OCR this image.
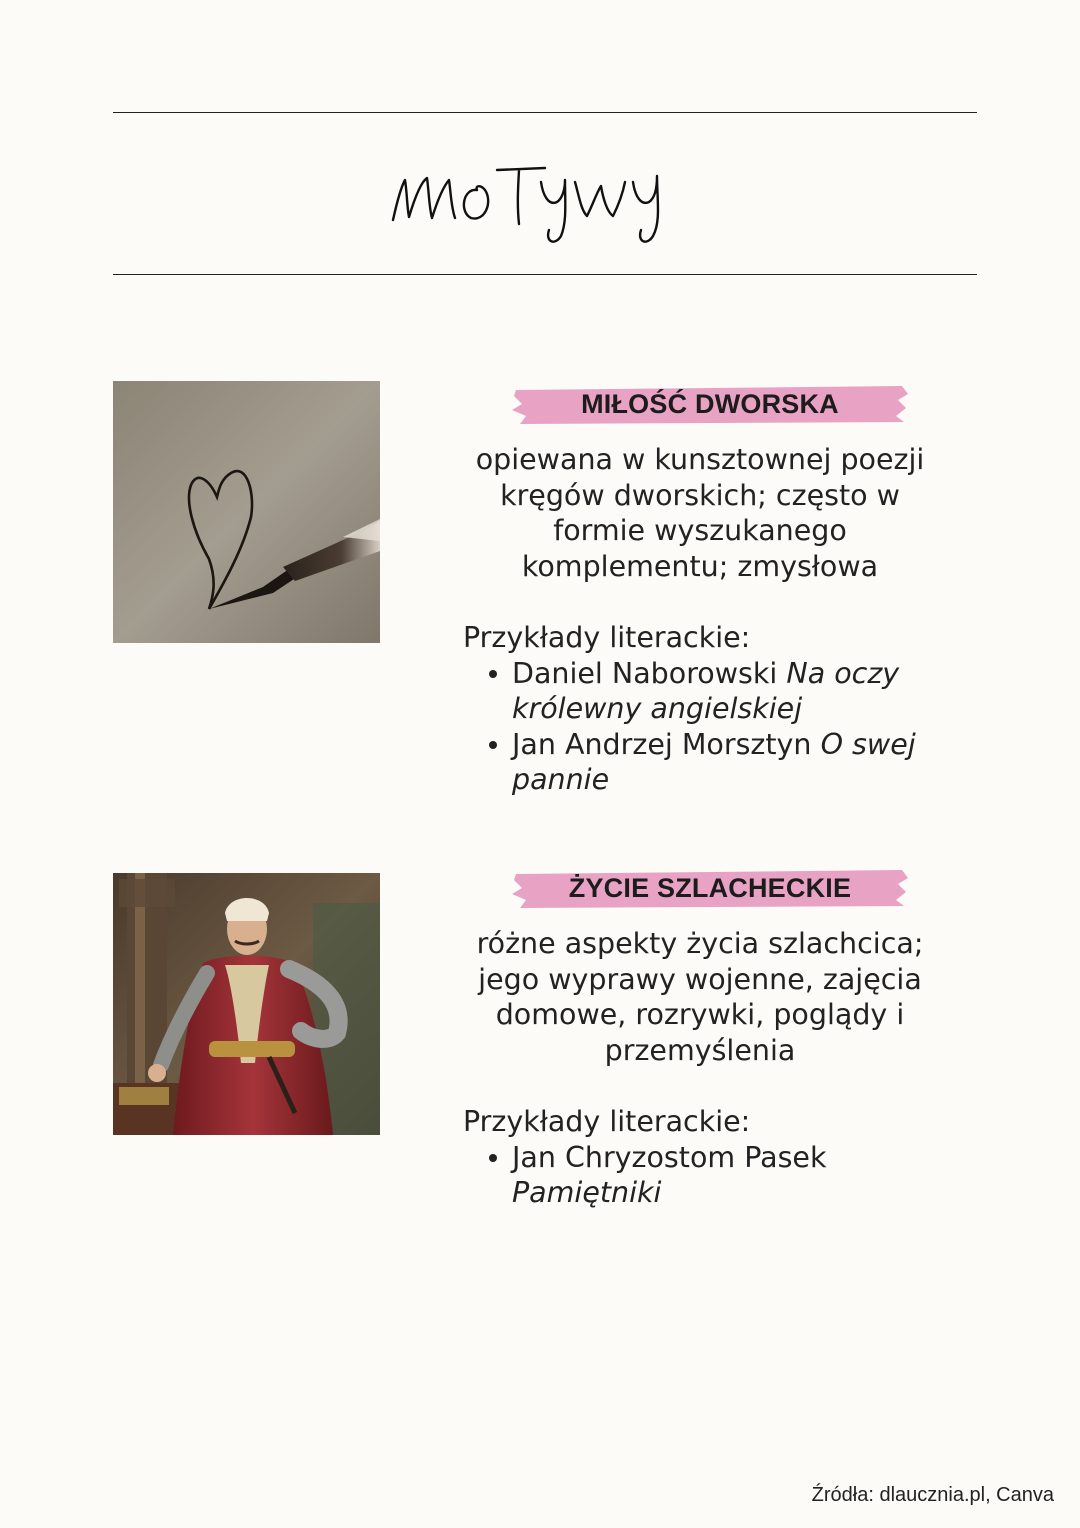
MIŁOŚĆ DWORSKA
opiewana w kunsztownej poezji kręgów dworskich; często w formie wyszukanego komplementu; zmysłowa
Przykłady literackie:
Daniel Naborowski Na oczy królewny angielskiej
Jan Andrzej Morsztyn O swej pannie
ŻYCIE SZLACHECKIE
różne aspekty życia szlachcica; jego wyprawy wojenne, zajęcia domowe, rozrywki, poglądy i przemyślenia
Przykłady literackie:
Jan Chryzostom Pasek
Pamiętniki
Źródła: dlaucznia.pl, Canva
